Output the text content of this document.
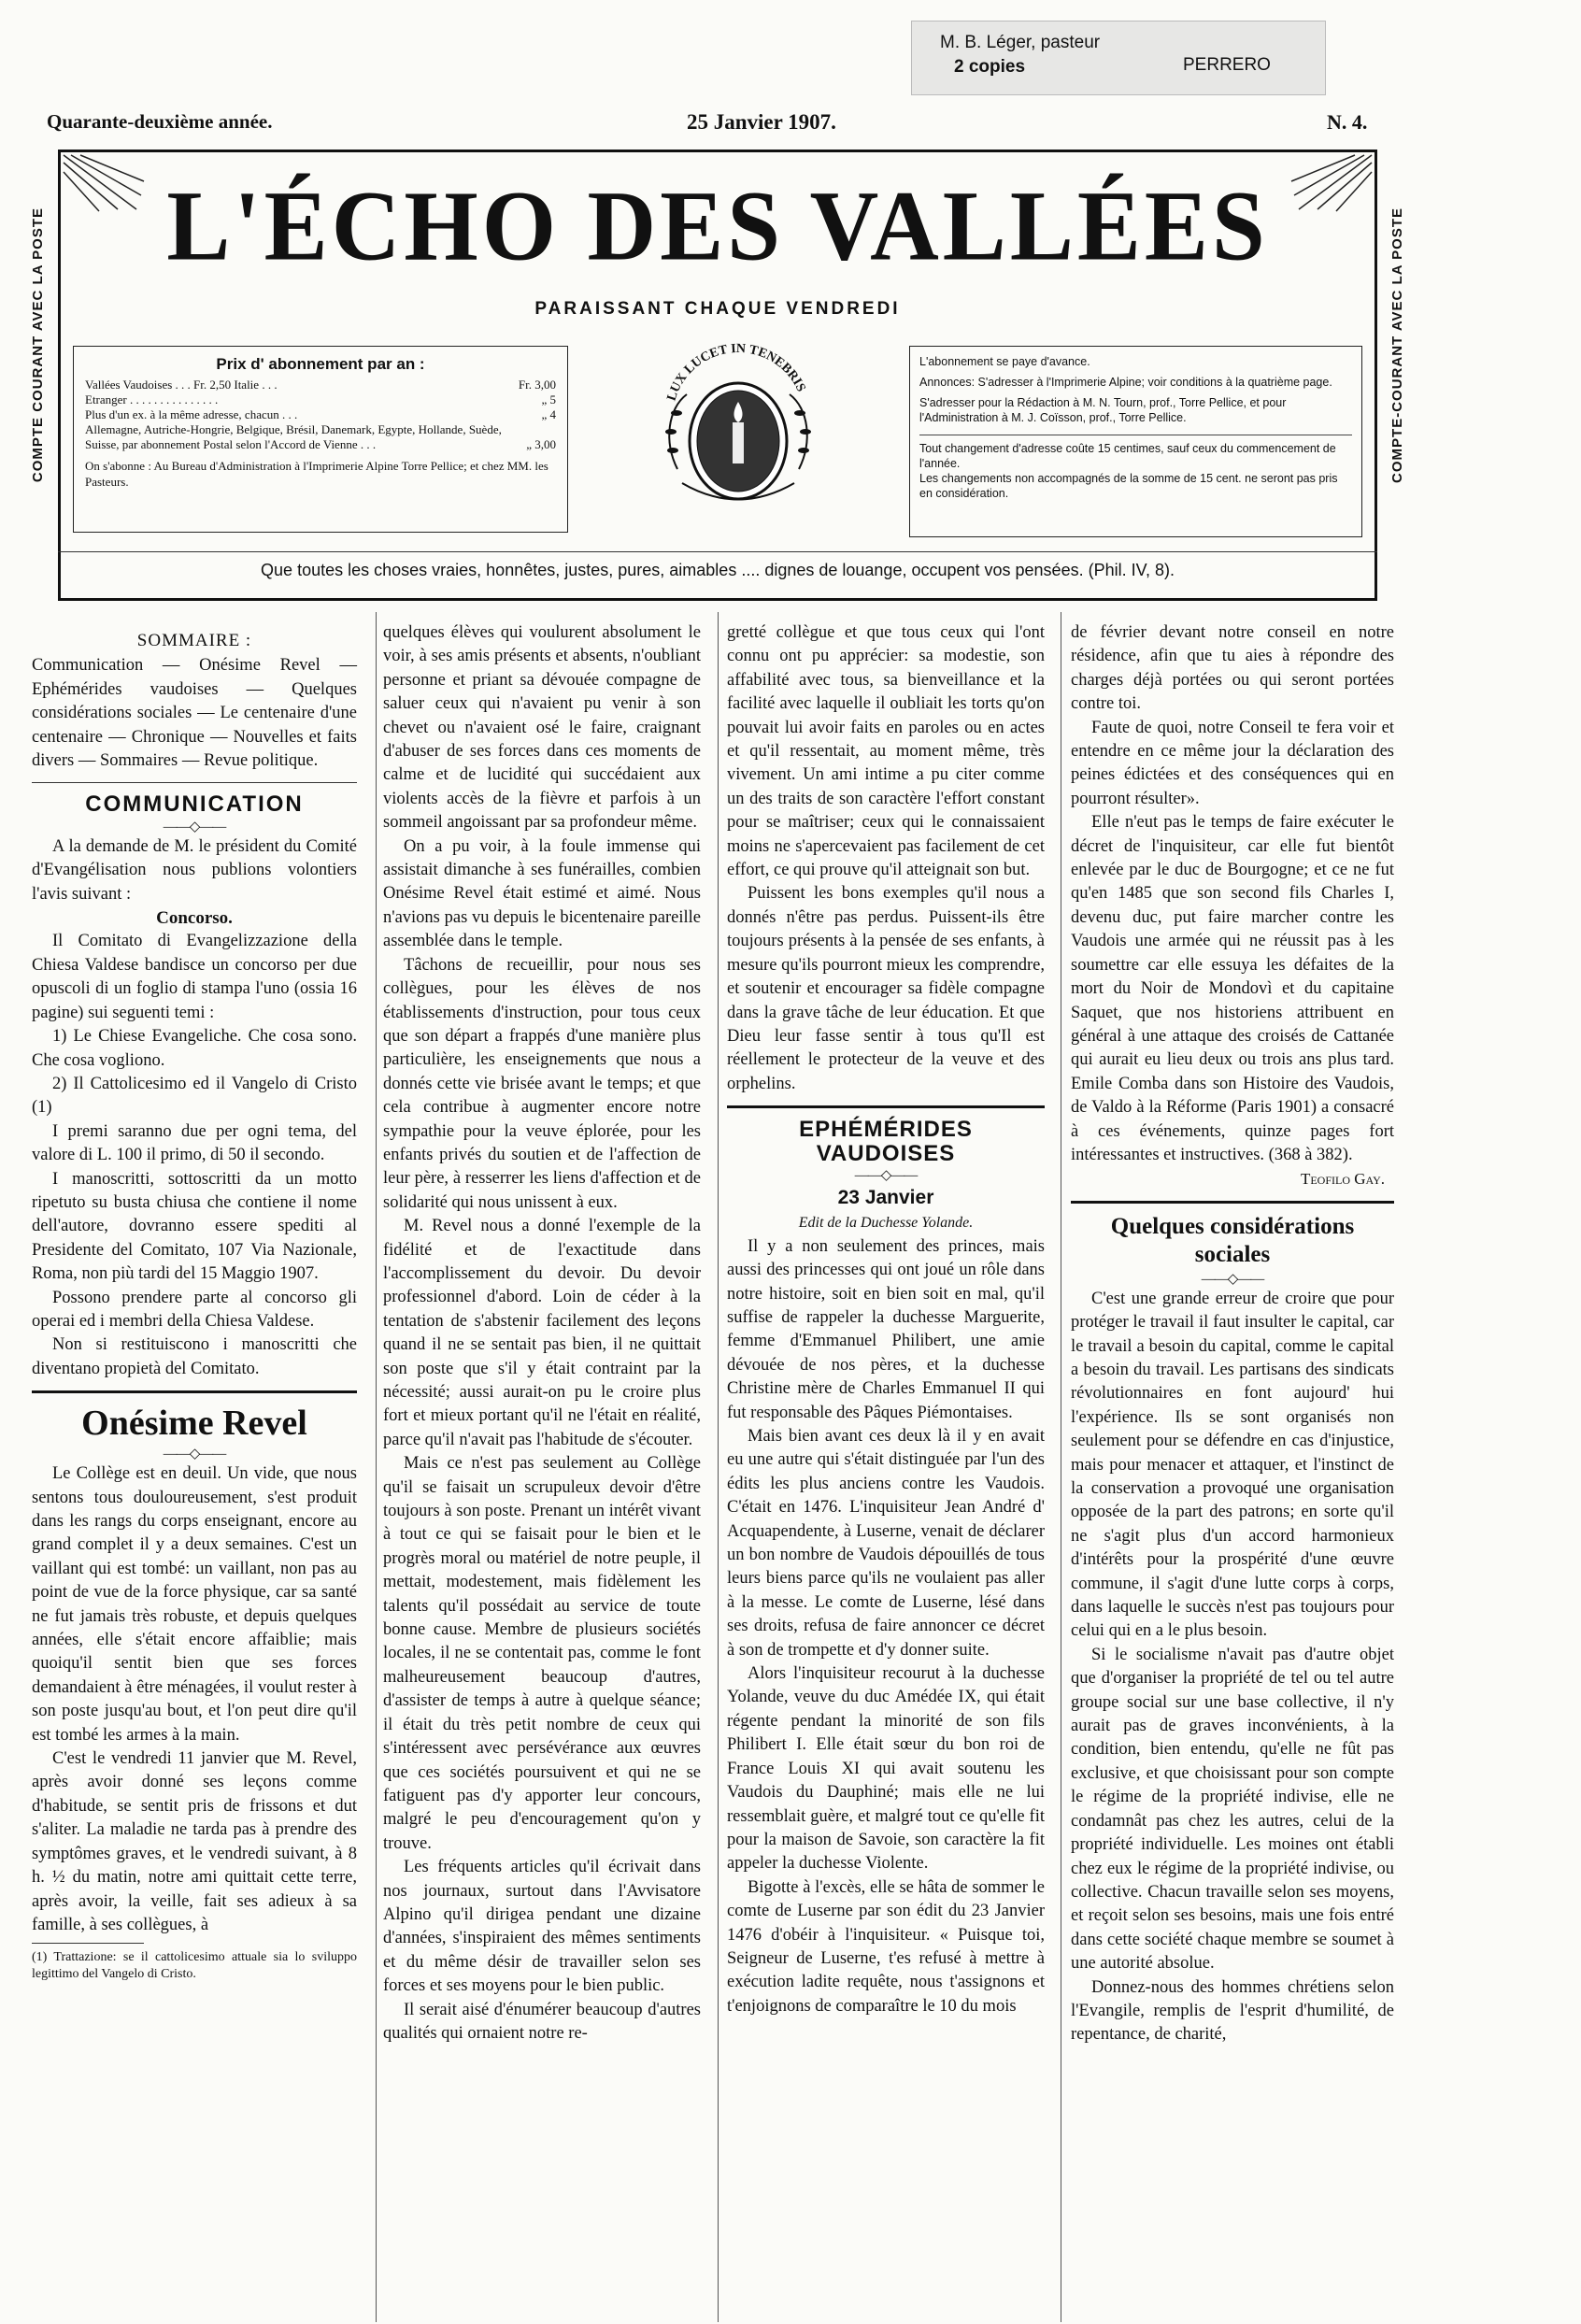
M. B. Léger, pasteur
2 copies	PERRERO
Quarante-deuxième année.	25 Janvier 1907.	N. 4.
COMPTE COURANT AVEC LA POSTE	COMPTE-COURANT AVEC LA POSTE
L'ÉCHO DES VALLÉES
PARAISSANT CHAQUE VENDREDI
Prix d' abonnement par an :
Vallées Vaudoises . . . Fr. 2,50 Italie . . .	Fr. 3,00
Etranger . . . . . . . . . . . . . . .	„ 5
Plus d'un ex. à la même adresse, chacun . . .	„ 4
Allemagne, Autriche-Hongrie, Belgique, Brésil, Danemark, Egypte, Hollande, Suède, Suisse, par abonnement Postal selon l'Accord de Vienne . . .	„ 3,00
On s'abonne : Au Bureau d'Administration à l'Imprimerie Alpine Torre Pellice; et chez MM. les Pasteurs.
LUX LUCET IN TENEBRIS
L'abonnement se paye d'avance.
Annonces: S'adresser à l'Imprimerie Alpine; voir conditions à la quatrième page.
S'adresser pour la Rédaction à M. N. Tourn, prof., Torre Pellice, et pour l'Administration à M. J. Coïsson, prof., Torre Pellice.
Tout changement d'adresse coûte 15 centimes, sauf ceux du commencement de l'année.
Les changements non accompagnés de la somme de 15 cent. ne seront pas pris en considération.
Que toutes les choses vraies, honnêtes, justes, pures, aimables .... dignes de louange, occupent vos pensées. (Phil. IV, 8).
SOMMAIRE :

Communication — Onésime Revel — Ephémérides vaudoises — Quelques considérations sociales — Le centenaire d'une centenaire — Chronique — Nouvelles et faits divers — Sommaires — Revue politique.

COMMUNICATION
——◇——

A la demande de M. le président du Comité d'Evangélisation nous publions volontiers l'avis suivant :

Concorso.

Il Comitato di Evangelizzazione della Chiesa Valdese bandisce un concorso per due opuscoli di un foglio di stampa l'uno (ossia 16 pagine) sui seguenti temi :

1) Le Chiese Evangeliche. Che cosa sono. Che cosa vogliono.

2) Il Cattolicesimo ed il Vangelo di Cristo (1)

I premi saranno due per ogni tema, del valore di L. 100 il primo, di 50 il secondo.

I manoscritti, sottoscritti da un motto ripetuto su busta chiusa che contiene il nome dell'autore, dovranno essere spediti al Presidente del Comitato, 107 Via Nazionale, Roma, non più tardi del 15 Maggio 1907.

Possono prendere parte al concorso gli operai ed i membri della Chiesa Valdese.

Non si restituiscono i manoscritti che diventano propietà del Comitato.

Onésime Revel
——◇——

Le Collège est en deuil. Un vide, que nous sentons tous douloureusement, s'est produit dans les rangs du corps enseignant, encore au grand complet il y a deux semaines. C'est un vaillant qui est tombé: un vaillant, non pas au point de vue de la force physique, car sa santé ne fut jamais très robuste, et depuis quelques années, elle s'était encore affaiblie; mais quoiqu'il sentit bien que ses forces demandaient à être ménagées, il voulut rester à son poste jusqu'au bout, et l'on peut dire qu'il est tombé les armes à la main.

C'est le vendredi 11 janvier que M. Revel, après avoir donné ses leçons comme d'habitude, se sentit pris de frissons et dut s'aliter. La maladie ne tarda pas à prendre des symptômes graves, et le vendredi suivant, à 8 h. ½ du matin, notre ami quittait cette terre, après avoir, la veille, fait ses adieux à sa famille, à ses collègues, à

(1) Trattazione: se il cattolicesimo attuale sia lo sviluppo legittimo del Vangelo di Cristo.

quelques élèves qui voulurent absolument le voir, à ses amis présents et absents, n'oubliant personne et priant sa dévouée compagne de saluer ceux qui n'avaient pu venir à son chevet ou n'avaient osé le faire, craignant d'abuser de ses forces dans ces moments de calme et de lucidité qui succédaient aux violents accès de la fièvre et parfois à un sommeil angoissant par sa profondeur même.

On a pu voir, à la foule immense qui assistait dimanche à ses funérailles, combien Onésime Revel était estimé et aimé. Nous n'avions pas vu depuis le bicentenaire pareille assemblée dans le temple.

Tâchons de recueillir, pour nous ses collègues, pour les élèves de nos établissements d'instruction, pour tous ceux que son départ a frappés d'une manière plus particulière, les enseignements que nous a donnés cette vie brisée avant le temps; et que cela contribue à augmenter encore notre sympathie pour la veuve éplorée, pour les enfants privés du soutien et de l'affection de leur père, à resserrer les liens d'affection et de solidarité qui nous unissent à eux.

M. Revel nous a donné l'exemple de la fidélité et de l'exactitude dans l'accomplissement du devoir. Du devoir professionnel d'abord. Loin de céder à la tentation de s'abstenir facilement des leçons quand il ne se sentait pas bien, il ne quittait son poste que s'il y était contraint par la nécessité; aussi aurait-on pu le croire plus fort et mieux portant qu'il ne l'était en réalité, parce qu'il n'avait pas l'habitude de s'écouter.

Mais ce n'est pas seulement au Collège qu'il se faisait un scrupuleux devoir d'être toujours à son poste. Prenant un intérêt vivant à tout ce qui se faisait pour le bien et le progrès moral ou matériel de notre peuple, il mettait, modestement, mais fidèlement les talents qu'il possédait au service de toute bonne cause. Membre de plusieurs sociétés locales, il ne se contentait pas, comme le font malheureusement beaucoup d'autres, d'assister de temps à autre à quelque séance; il était du très petit nombre de ceux qui s'intéressent avec persévérance aux œuvres que ces sociétés poursuivent et qui ne se fatiguent pas d'y apporter leur concours, malgré le peu d'encouragement qu'on y trouve.

Les fréquents articles qu'il écrivait dans nos journaux, surtout dans l'Avvisatore Alpino qu'il dirigea pendant une dizaine d'années, s'inspiraient des mêmes sentiments et du même désir de travailler selon ses forces et ses moyens pour le bien public.

Il serait aisé d'énumérer beaucoup d'autres qualités qui ornaient notre re-

gretté collègue et que tous ceux qui l'ont connu ont pu apprécier: sa modestie, son affabilité avec tous, sa bienveillance et la facilité avec laquelle il oubliait les torts qu'on pouvait lui avoir faits en paroles ou en actes et qu'il ressentait, au moment même, très vivement. Un ami intime a pu citer comme un des traits de son caractère l'effort constant pour se maîtriser; ceux qui le connaissaient moins ne s'apercevaient pas facilement de cet effort, ce qui prouve qu'il atteignait son but.

Puissent les bons exemples qu'il nous a donnés n'être pas perdus. Puissent-ils être toujours présents à la pensée de ses enfants, à mesure qu'ils pourront mieux les comprendre, et soutenir et encourager sa fidèle compagne dans la grave tâche de leur éducation. Et que Dieu leur fasse sentir à tous qu'Il est réellement le protecteur de la veuve et des orphelins.

EPHÉMÉRIDES VAUDOISES
——◇——
23 Janvier
Edit de la Duchesse Yolande.

Il y a non seulement des princes, mais aussi des princesses qui ont joué un rôle dans notre histoire, soit en bien soit en mal, qu'il suffise de rappeler la duchesse Marguerite, femme d'Emmanuel Philibert, une amie dévouée de nos pères, et la duchesse Christine mère de Charles Emmanuel II qui fut responsable des Pâques Piémontaises.

Mais bien avant ces deux là il y en avait eu une autre qui s'était distinguée par l'un des édits les plus anciens contre les Vaudois. C'était en 1476. L'inquisiteur Jean André d' Acquapendente, à Luserne, venait de déclarer un bon nombre de Vaudois dépouillés de tous leurs biens parce qu'ils ne voulaient pas aller à la messe. Le comte de Luserne, lésé dans ses droits, refusa de faire annoncer ce décret à son de trompette et d'y donner suite.

Alors l'inquisiteur recourut à la duchesse Yolande, veuve du duc Amédée IX, qui était régente pendant la minorité de son fils Philibert I. Elle était sœur du bon roi de France Louis XI qui avait soutenu les Vaudois du Dauphiné; mais elle ne lui ressemblait guère, et malgré tout ce qu'elle fit pour la maison de Savoie, son caractère la fit appeler la duchesse Violente.

Bigotte à l'excès, elle se hâta de sommer le comte de Luserne par son édit du 23 Janvier 1476 d'obéir à l'inquisiteur. « Puisque toi, Seigneur de Luserne, t'es refusé à mettre à exécution ladite requête, nous t'assignons et t'enjoignons de comparaître le 10 du mois

de février devant notre conseil en notre résidence, afin que tu aies à répondre des charges déjà portées ou qui seront portées contre toi.

Faute de quoi, notre Conseil te fera voir et entendre en ce même jour la déclaration des peines édictées et des conséquences qui en pourront résulter».

Elle n'eut pas le temps de faire exécuter le décret de l'inquisiteur, car elle fut bientôt enlevée par le duc de Bourgogne; et ce ne fut qu'en 1485 que son second fils Charles I, devenu duc, put faire marcher contre les Vaudois une armée qui ne réussit pas à les soumettre car elle essuya les défaites de la mort du Noir de Mondovì et du capitaine Saquet, que nos historiens attribuent en général à une attaque des croisés de Cattanée qui aurait eu lieu deux ou trois ans plus tard. Emile Comba dans son Histoire des Vaudois, de Valdo à la Réforme (Paris 1901) a consacré à ces événements, quinze pages fort intéressantes et instructives. (368 à 382).

Teofilo Gay.
Quelques considérations sociales
——◇——

C'est une grande erreur de croire que pour protéger le travail il faut insulter le capital, car le travail a besoin du capital, comme le capital a besoin du travail. Les partisans des sindicats révolutionnaires en font aujourd' hui l'expérience. Ils se sont organisés non seulement pour se défendre en cas d'injustice, mais pour menacer et attaquer, et l'instinct de la conservation a provoqué une organisation opposée de la part des patrons; en sorte qu'il ne s'agit plus d'un accord harmonieux d'intérêts pour la prospérité d'une œuvre commune, il s'agit d'une lutte corps à corps, dans laquelle le succès n'est pas toujours pour celui qui en a le plus besoin.

Si le socialisme n'avait pas d'autre objet que d'organiser la propriété de tel ou tel autre groupe social sur une base collective, il n'y aurait pas de graves inconvénients, à la condition, bien entendu, qu'elle ne fût pas exclusive, et que choisissant pour son compte le régime de la propriété indivise, elle ne condamnât pas chez les autres, celui de la propriété individuelle. Les moines ont établi chez eux le régime de la propriété indivise, ou collective. Chacun travaille selon ses moyens, et reçoit selon ses besoins, mais une fois entré dans cette société chaque membre se soumet à une autorité absolue.

Donnez-nous des hommes chrétiens selon l'Evangile, remplis de l'esprit d'humilité, de repentance, de charité,
